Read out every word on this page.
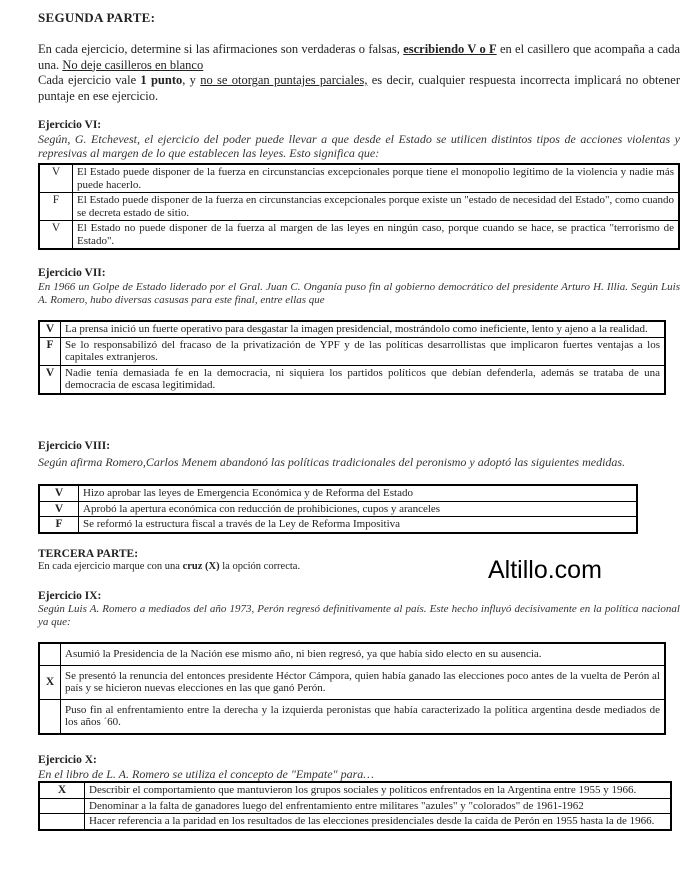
SEGUNDA PARTE:
En cada ejercicio, determine si las afirmaciones son verdaderas o falsas, escribiendo V o F en el casillero que acompaña a cada una. No deje casilleros en blanco
Cada ejercicio vale 1 punto, y no se otorgan puntajes parciales, es decir, cualquier respuesta incorrecta implicará no obtener puntaje en ese ejercicio.
Ejercicio VI:
Según, G. Etchevest, el ejercicio del poder puede llevar a que desde el Estado se utilicen distintos tipos de acciones violentas y represivas al margen de lo que establecen las leyes. Esto significa que:
V	El Estado puede disponer de la fuerza en circunstancias excepcionales porque tiene el monopolio legítimo de la violencia y nadie más puede hacerlo.
F	El Estado puede disponer de la fuerza en circunstancias excepcionales porque existe un "estado de necesidad del Estado", como cuando se decreta estado de sitio.
V	El Estado no puede disponer de la fuerza al margen de las leyes en ningún caso, porque cuando se hace, se practica "terrorismo de Estado".
Ejercicio VII:
En 1966 un Golpe de Estado liderado por el Gral. Juan C. Onganía puso fin al gobierno democrático del presidente Arturo H. Illia. Según Luis A. Romero, hubo diversas casusas para este final, entre ellas que
V	La prensa inició un fuerte operativo para desgastar la imagen presidencial, mostrándolo como ineficiente, lento y ajeno a la realidad.
F	Se lo responsabilizó del fracaso de la privatización de YPF y de las políticas desarrollistas que implicaron fuertes ventajas a los capitales extranjeros.
V	Nadie tenía demasiada fe en la democracia, ni siquiera los partidos políticos que debían defenderla, además se trataba de una democracia de escasa legitimidad.
Ejercicio VIII:
Según afirma Romero,Carlos Menem abandonó las políticas tradicionales del peronismo y adoptó las siguientes medidas.
V	Hizo aprobar las leyes de Emergencia Económica y de Reforma del Estado
V	Aprobó la apertura económica con reducción de prohibiciones, cupos y aranceles
F	Se reformó la estructura fiscal a través de la Ley de Reforma Impositiva
TERCERA PARTE:
En cada ejercicio marque con una cruz (X) la opción correcta.	Altillo.com
Ejercicio IX:
Según Luis A. Romero a mediados del año 1973, Perón regresó definitivamente al país. Este hecho influyó decisivamente en la política nacional ya que:
	Asumió la Presidencia de la Nación ese mismo año, ni bien regresó, ya que había sido electo en su ausencia.
X	Se presentó la renuncia del entonces presidente Héctor Cámpora, quien había ganado las elecciones poco antes de la vuelta de Perón al país y se hicieron nuevas elecciones en las que ganó Perón.
	Puso fin al enfrentamiento entre la derecha y la izquierda peronistas que había caracterizado la política argentina desde mediados de los años ´60.
Ejercicio X:
En el libro de L. A. Romero se utiliza el concepto de "Empate" para…
X	Describir el comportamiento que mantuvieron los grupos sociales y políticos enfrentados en la Argentina entre 1955 y 1966.
	Denominar a la falta de ganadores luego del enfrentamiento entre militares "azules" y "colorados" de 1961-1962
	Hacer referencia a la paridad en los resultados de las elecciones presidenciales desde la caída de Perón en 1955 hasta la de 1966.
